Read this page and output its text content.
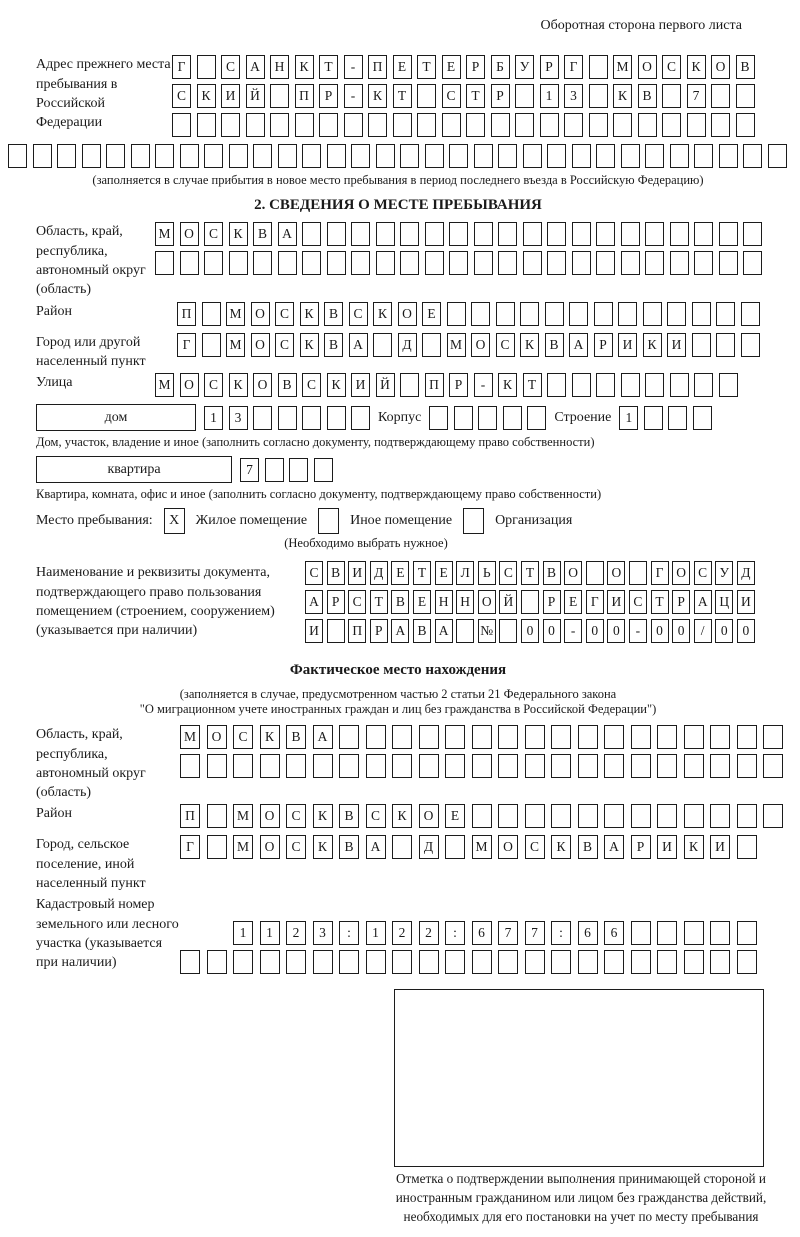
Оборотная сторона первого листа
Адрес прежнего места пребывания в Российской Федерации
Г	С	А	Н	К	Т	-	П	Е	Т	Е	Р	Б	У	Р	Г	М	О	С	К	О	В
С	К	И	Й	П	Р	-	К	Т	С	Т	Р	1	3	К	В	7
(заполняется в случае прибытия в новое место пребывания в период последнего въезда в Российскую Федерацию)
2. СВЕДЕНИЯ О МЕСТЕ ПРЕБЫВАНИЯ
Область, край, республика, автономный округ (область)
М	О	С	К	В	А
Район	П	М	О	С	К	В	С	К	О	Е
Город или другой населенный пункт
Г	М	О	С	К	В	А	Д	М	О	С	К	В	А	Р	И	К	И
Улица	М	О	С	К	О	В	С	К	И	Й	П	Р	-	К	Т
дом	1	3	Корпус	Строение	1
Дом, участок, владение и иное (заполнить согласно документу, подтверждающему право собственности)
квартира	7
Квартира, комната, офис и иное (заполнить согласно документу, подтверждающему право собственности)
Место пребывания:	X	Жилое помещение	Иное помещение	Организация
(Необходимо выбрать нужное)
Наименование и реквизиты документа, подтверждающего право пользования помещением (строением, сооружением) (указывается при наличии)
С В И Д Е Т Е Л Ь С Т В О	О	Г О С У Д
А Р С Т В Е Н Н О Й	Р	Е	Г И С Т	Р А Ц И
И	П Р А В А	№	0	0	-	0	0	-	0	0	/	0	0
Фактическое место нахождения
(заполняется в случае, предусмотренном частью 2 статьи 21 Федерального закона
"О миграционном учете иностранных граждан и лиц без гражданства в Российской Федерации")
Область, край, республика, автономный округ (область)
М	О	С	К	В	А
Район	П	М	О	С	К	В	С	К	О	Е
Город, сельское поселение, иной населенный пункт
Г	М	О	С	К	В	А	Д	М	О	С	К	В	А	Р	И	К	И
Кадастровый номер земельного или лесного участка (указывается при наличии)
1	1	2	3	:	1	2	2	:	6	7	7	:	6	6
Отметка о подтверждении выполнения принимающей стороной и иностранным гражданином или лицом без гражданства действий, необходимых для его постановки на учет по месту пребывания
